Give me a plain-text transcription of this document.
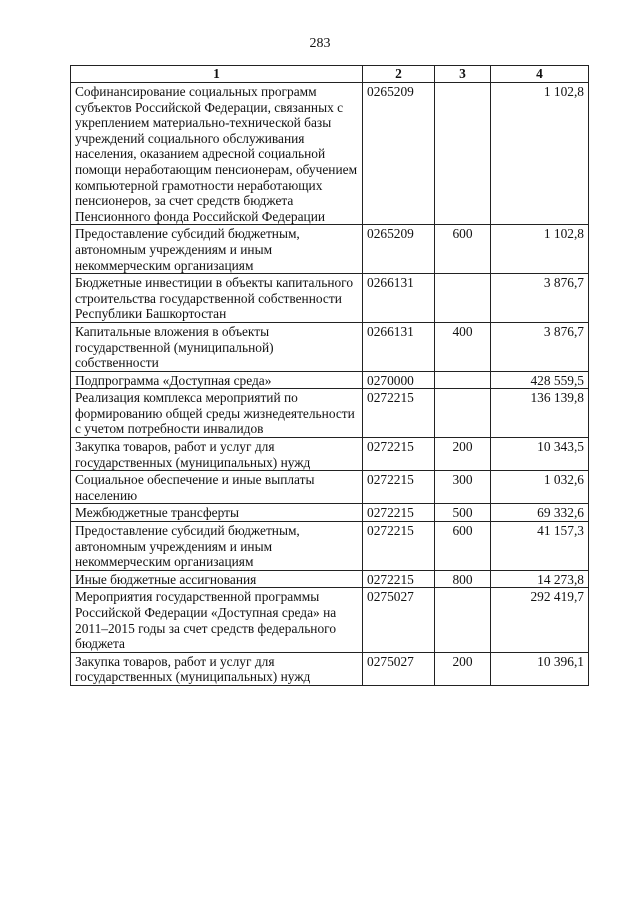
283
1	2	3	4
Софинансирование социальных программ субъектов Российской Федерации, связанных с укреплением материально-технической базы учреждений социального обслуживания населения, оказанием адресной социальной помощи неработающим пенсионерам, обучением компьютерной грамотности неработающих пенсионеров, за счет средств бюджета Пенсионного фонда Российской Федерации	0265209		1 102,8
Предоставление субсидий бюджетным, автономным учреждениям и иным некоммерческим организациям	0265209	600	1 102,8
Бюджетные инвестиции в объекты капитального строительства государственной собственности Республики Башкортостан	0266131		3 876,7
Капитальные вложения в объекты государственной (муниципальной) собственности	0266131	400	3 876,7
Подпрограмма «Доступная среда»	0270000		428 559,5
Реализация комплекса мероприятий по формированию общей среды жизнедеятельности с учетом потребности инвалидов	0272215		136 139,8
Закупка товаров, работ и услуг для государственных (муниципальных) нужд	0272215	200	10 343,5
Социальное обеспечение и иные выплаты населению	0272215	300	1 032,6
Межбюджетные трансферты	0272215	500	69 332,6
Предоставление субсидий бюджетным, автономным учреждениям и иным некоммерческим организациям	0272215	600	41 157,3
Иные бюджетные ассигнования	0272215	800	14 273,8
Мероприятия государственной программы Российской Федерации «Доступная среда» на 2011–2015 годы за счет средств федерального бюджета	0275027		292 419,7
Закупка товаров, работ и услуг для государственных (муниципальных) нужд	0275027	200	10 396,1
